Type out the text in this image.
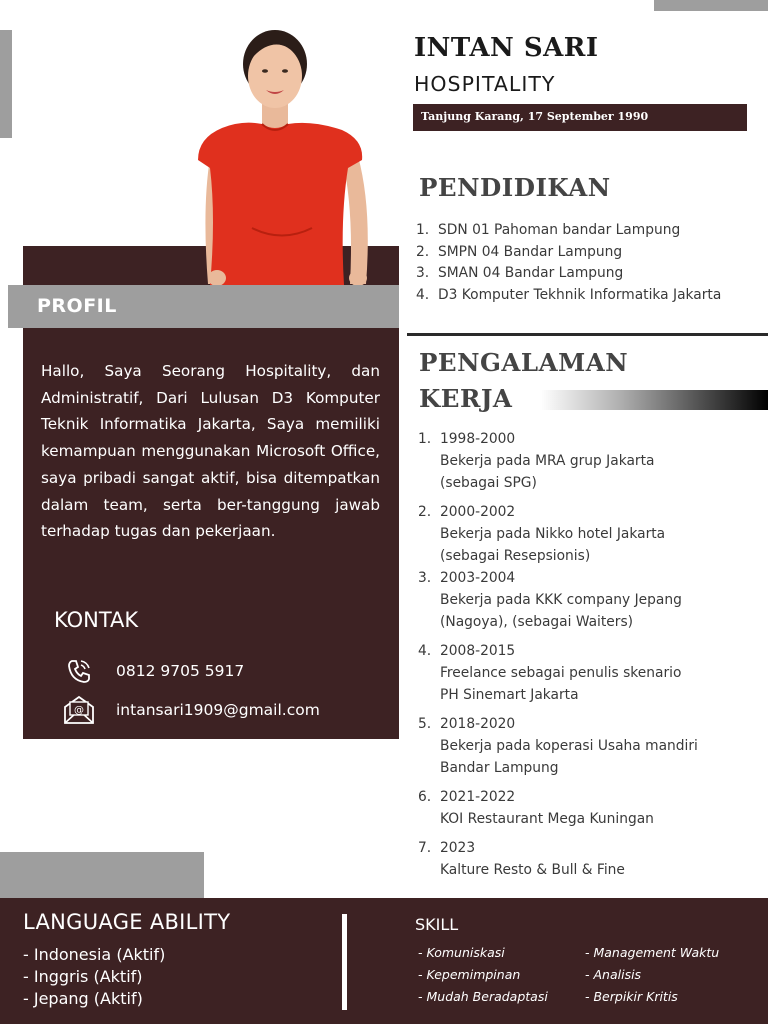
PROFIL
Hallo, Saya Seorang Hospitality, dan Administratif, Dari Lulusan D3 Komputer Teknik Informatika Jakarta, Saya memiliki kemampuan menggunakan Microsoft Office, saya pribadi sangat aktif, bisa ditempatkan dalam team, serta ber-tanggung jawab terhadap tugas dan pekerjaan.
KONTAK
0812 9705 5917
@ intansari1909@gmail.com
INTAN SARI
HOSPITALITY
Tanjung Karang, 17 September 1990
PENDIDIKAN
1. SDN 01 Pahoman bandar Lampung
2. SMPN 04 Bandar Lampung
3. SMAN 04 Bandar Lampung
4. D3 Komputer Tekhnik Informatika Jakarta
PENGALAMAN
KERJA
1. 1998-2000
Bekerja pada MRA grup Jakarta
(sebagai SPG)
2. 2000-2002
Bekerja pada Nikko hotel Jakarta
(sebagai Resepsionis)
3. 2003-2004
Bekerja pada KKK company Jepang
(Nagoya), (sebagai Waiters)
4. 2008-2015
Freelance sebagai penulis skenario
PH Sinemart Jakarta
5. 2018-2020
Bekerja pada koperasi Usaha mandiri
Bandar Lampung
6. 2021-2022
KOI Restaurant Mega Kuningan
7. 2023
Kalture Resto & Bull & Fine
LANGUAGE ABILITY
- Indonesia (Aktif)
- Inggris (Aktif)
- Jepang (Aktif)
SKILL
- Komuniskasi
- Kepemimpinan
- Mudah Beradaptasi
- Management Waktu
- Analisis
- Berpikir Kritis
